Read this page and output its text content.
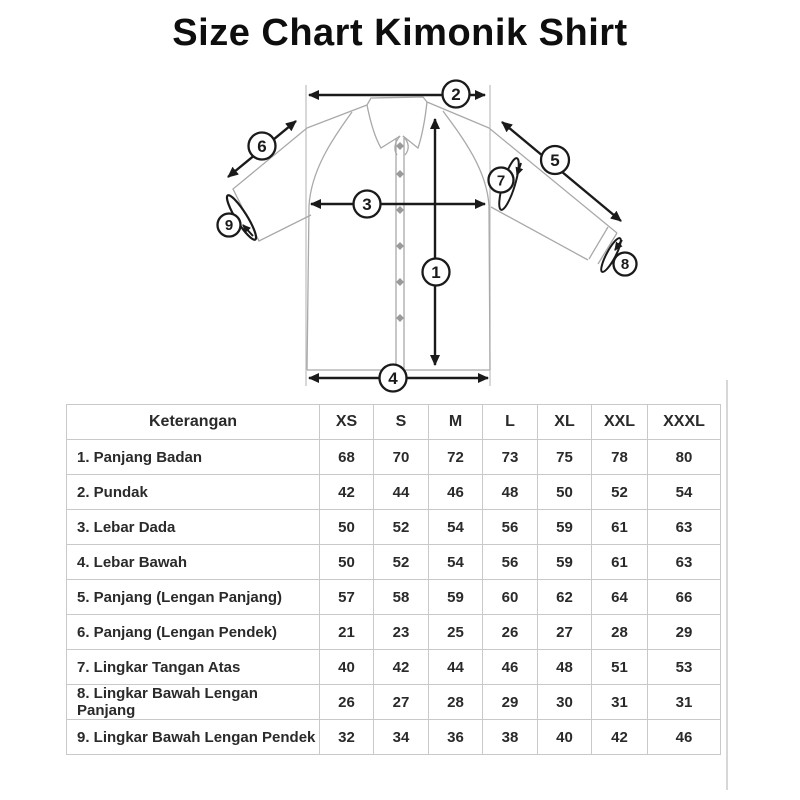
Size Chart Kimonik Shirt
2
6
5
7
3
9
1	8
4
Keterangan	XS	S	M	L	XL	XXL	XXXL
1. Panjang Badan	68	70	72	73	75	78	80
2. Pundak	42	44	46	48	50	52	54
3. Lebar Dada	50	52	54	56	59	61	63
4. Lebar Bawah	50	52	54	56	59	61	63
5. Panjang (Lengan Panjang)	57	58	59	60	62	64	66
6. Panjang (Lengan Pendek)	21	23	25	26	27	28	29
7. Lingkar Tangan Atas	40	42	44	46	48	51	53
8. Lingkar Bawah Lengan Panjang	26	27	28	29	30	31	31
9. Lingkar Bawah Lengan Pendek	32	34	36	38	40	42	46
